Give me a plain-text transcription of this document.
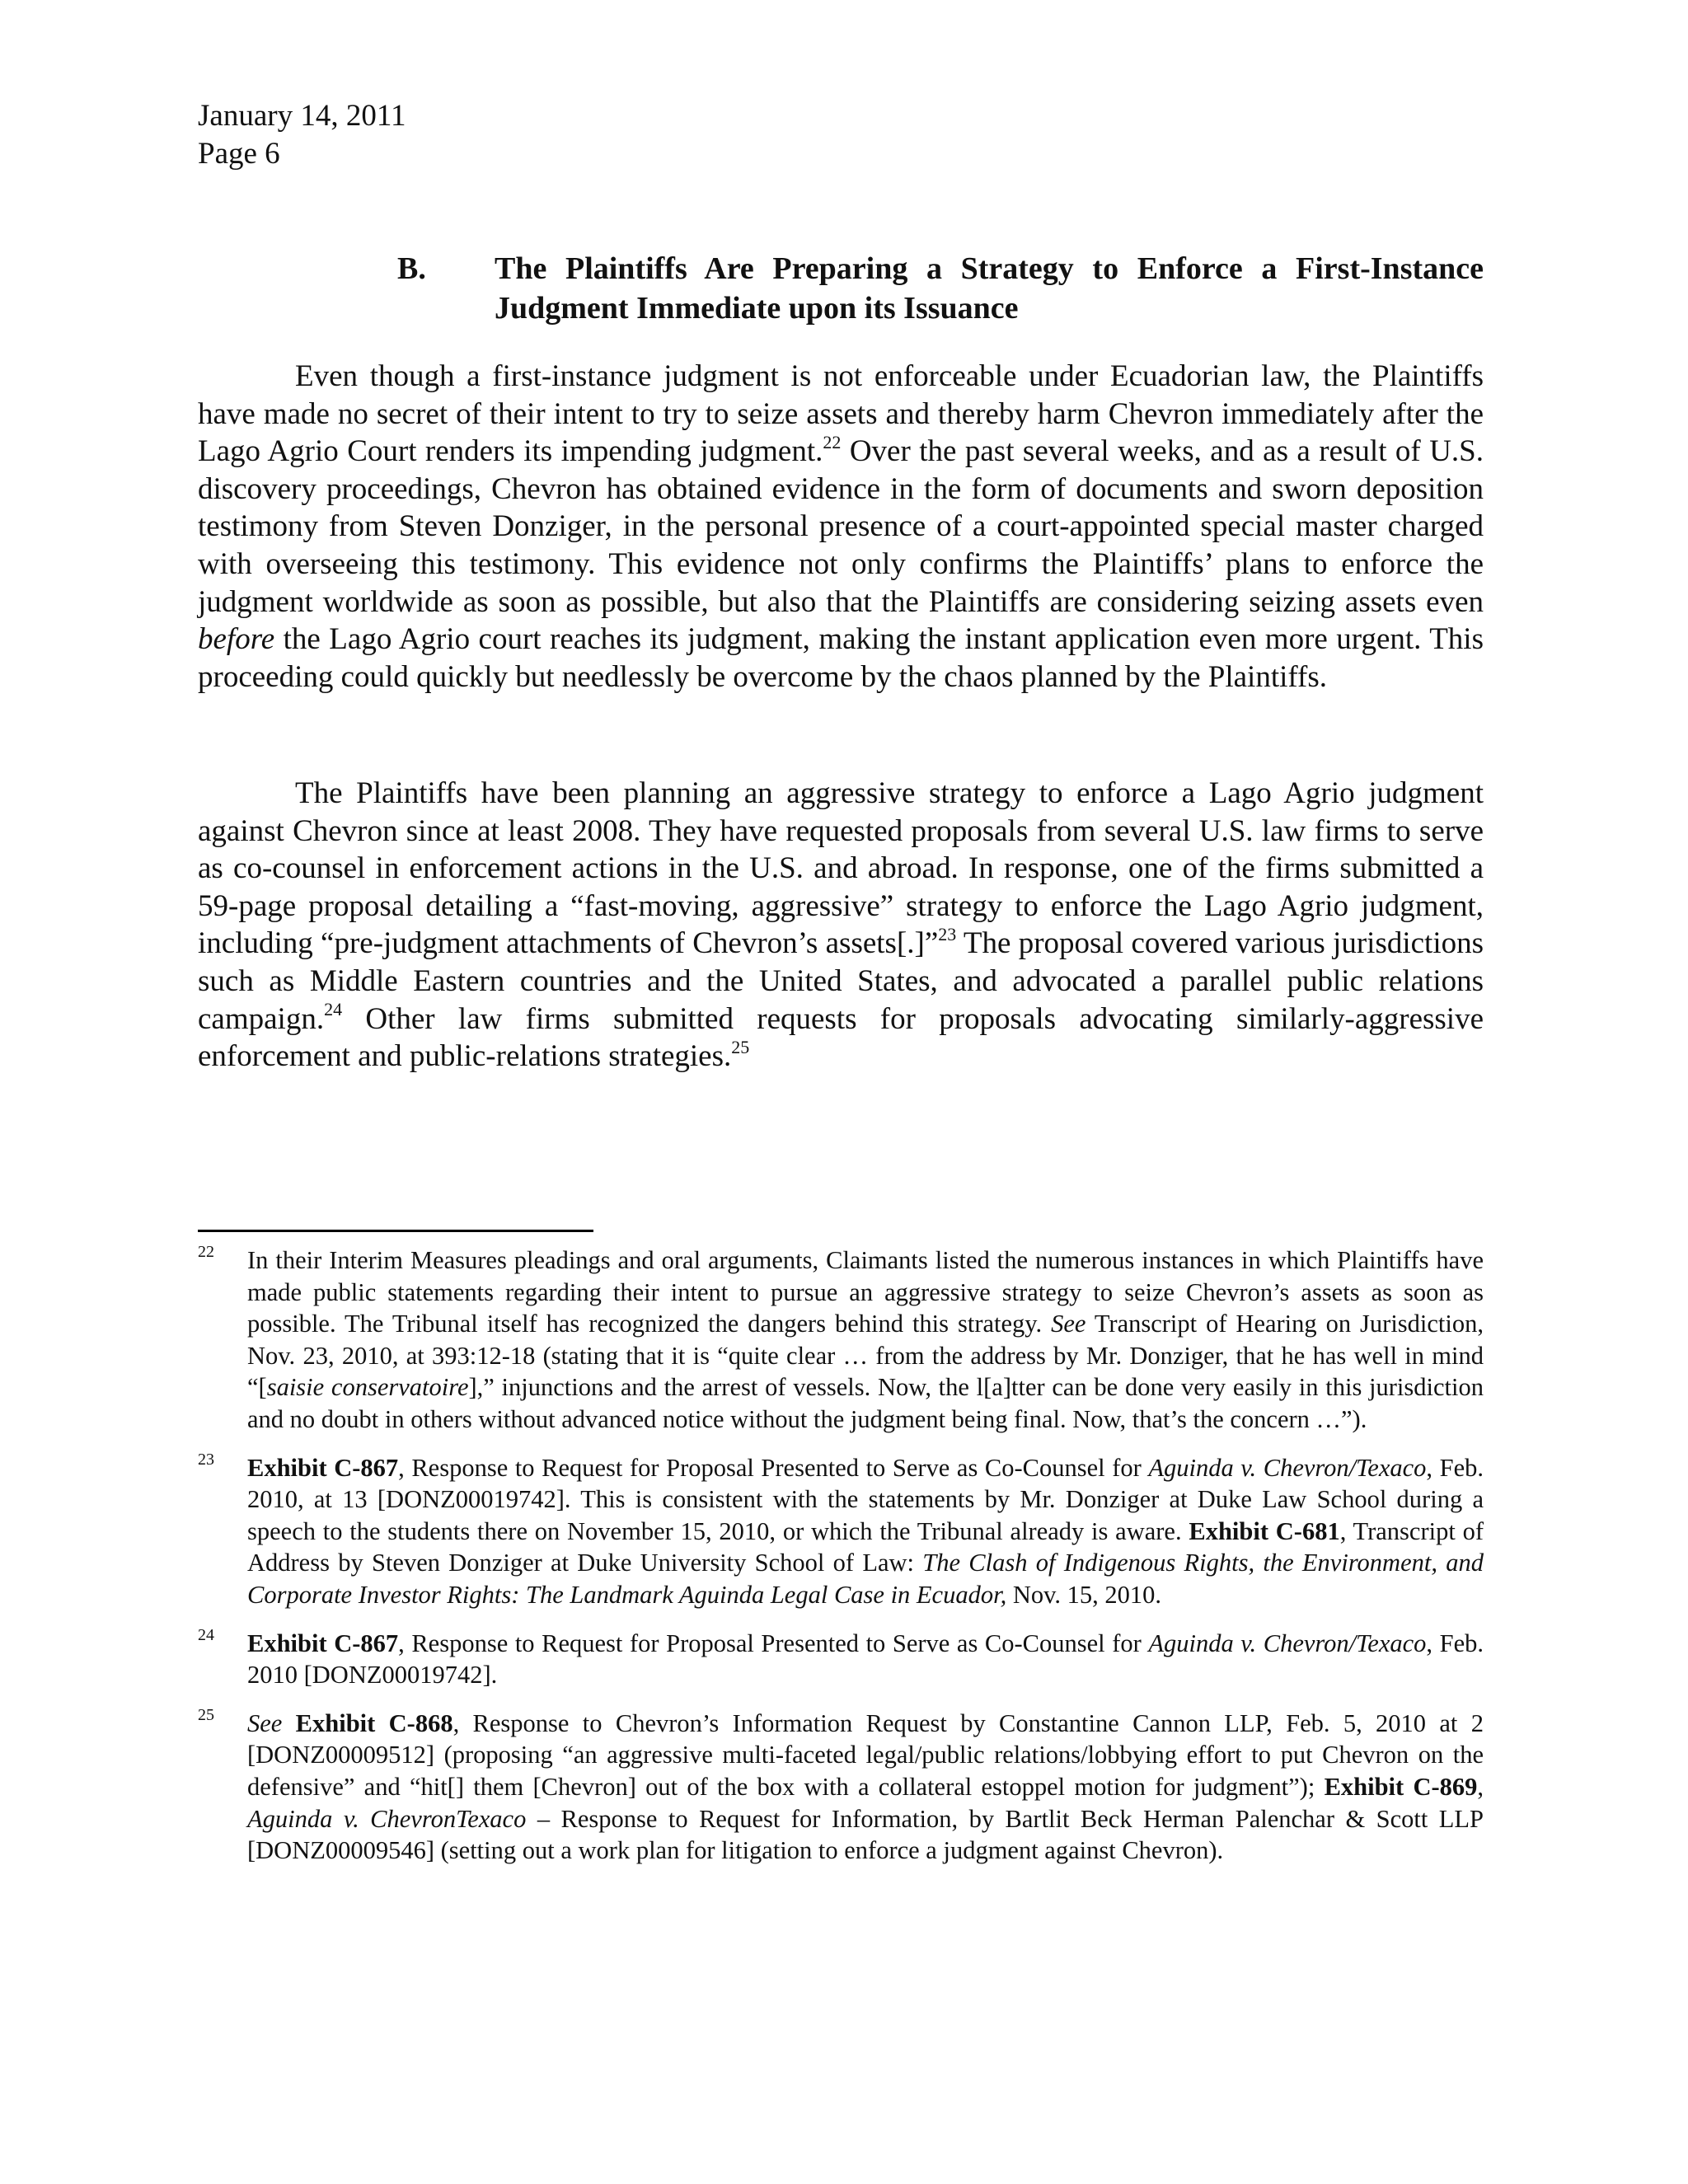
January 14, 2011
Page 6
B. The Plaintiffs Are Preparing a Strategy to Enforce a First-Instance Judgment Immediate upon its Issuance

Even though a first-instance judgment is not enforceable under Ecuadorian law, the Plaintiffs have made no secret of their intent to try to seize assets and thereby harm Chevron immediately after the Lago Agrio Court renders its impending judgment.$^{22}$ Over the past several weeks, and as a result of U.S. discovery proceedings, Chevron has obtained evidence in the form of documents and sworn deposition testimony from Steven Donziger, in the personal presence of a court-appointed special master charged with overseeing this testimony. This evidence not only confirms the Plaintiffs’ plans to enforce the judgment worldwide as soon as possible, but also that the Plaintiffs are considering seizing assets even before the Lago Agrio court reaches its judgment, making the instant application even more urgent. This proceeding could quickly but needlessly be overcome by the chaos planned by the Plaintiffs.

The Plaintiffs have been planning an aggressive strategy to enforce a Lago Agrio judgment against Chevron since at least 2008. They have requested proposals from several U.S. law firms to serve as co-counsel in enforcement actions in the U.S. and abroad. In response, one of the firms submitted a 59-page proposal detailing a “fast-moving, aggressive” strategy to enforce the Lago Agrio judgment, including “pre-judgment attachments of Chevron’s assets[.]”$^{23}$ The proposal covered various jurisdictions such as Middle Eastern countries and the United States, and advocated a parallel public relations campaign.$^{24}$ Other law firms submitted requests for proposals advocating similarly-aggressive enforcement and public-relations strategies.$^{25}$

22 In their Interim Measures pleadings and oral arguments, Claimants listed the numerous instances in which Plaintiffs have made public statements regarding their intent to pursue an aggressive strategy to seize Chevron’s assets as soon as possible. The Tribunal itself has recognized the dangers behind this strategy. See Transcript of Hearing on Jurisdiction, Nov. 23, 2010, at 393:12-18 (stating that it is “quite clear … from the address by Mr. Donziger, that he has well in mind “[saisie conservatoire],” injunctions and the arrest of vessels. Now, the l[a]tter can be done very easily in this jurisdiction and no doubt in others without advanced notice without the judgment being final. Now, that’s the concern …”).
23 Exhibit C-867, Response to Request for Proposal Presented to Serve as Co-Counsel for Aguinda v. Chevron/Texaco, Feb. 2010, at 13 [DONZ00019742]. This is consistent with the statements by Mr. Donziger at Duke Law School during a speech to the students there on November 15, 2010, or which the Tribunal already is aware. Exhibit C-681, Transcript of Address by Steven Donziger at Duke University School of Law: The Clash of Indigenous Rights, the Environment, and Corporate Investor Rights: The Landmark Aguinda Legal Case in Ecuador, Nov. 15, 2010.
24 Exhibit C-867, Response to Request for Proposal Presented to Serve as Co-Counsel for Aguinda v. Chevron/Texaco, Feb. 2010 [DONZ00019742].
25 See Exhibit C-868, Response to Chevron’s Information Request by Constantine Cannon LLP, Feb. 5, 2010 at 2 [DONZ00009512] (proposing “an aggressive multi-faceted legal/public relations/lobbying effort to put Chevron on the defensive” and “hit[] them [Chevron] out of the box with a collateral estoppel motion for judgment”); Exhibit C-869, Aguinda v. ChevronTexaco – Response to Request for Information, by Bartlit Beck Herman Palenchar & Scott LLP [DONZ00009546] (setting out a work plan for litigation to enforce a judgment against Chevron).
